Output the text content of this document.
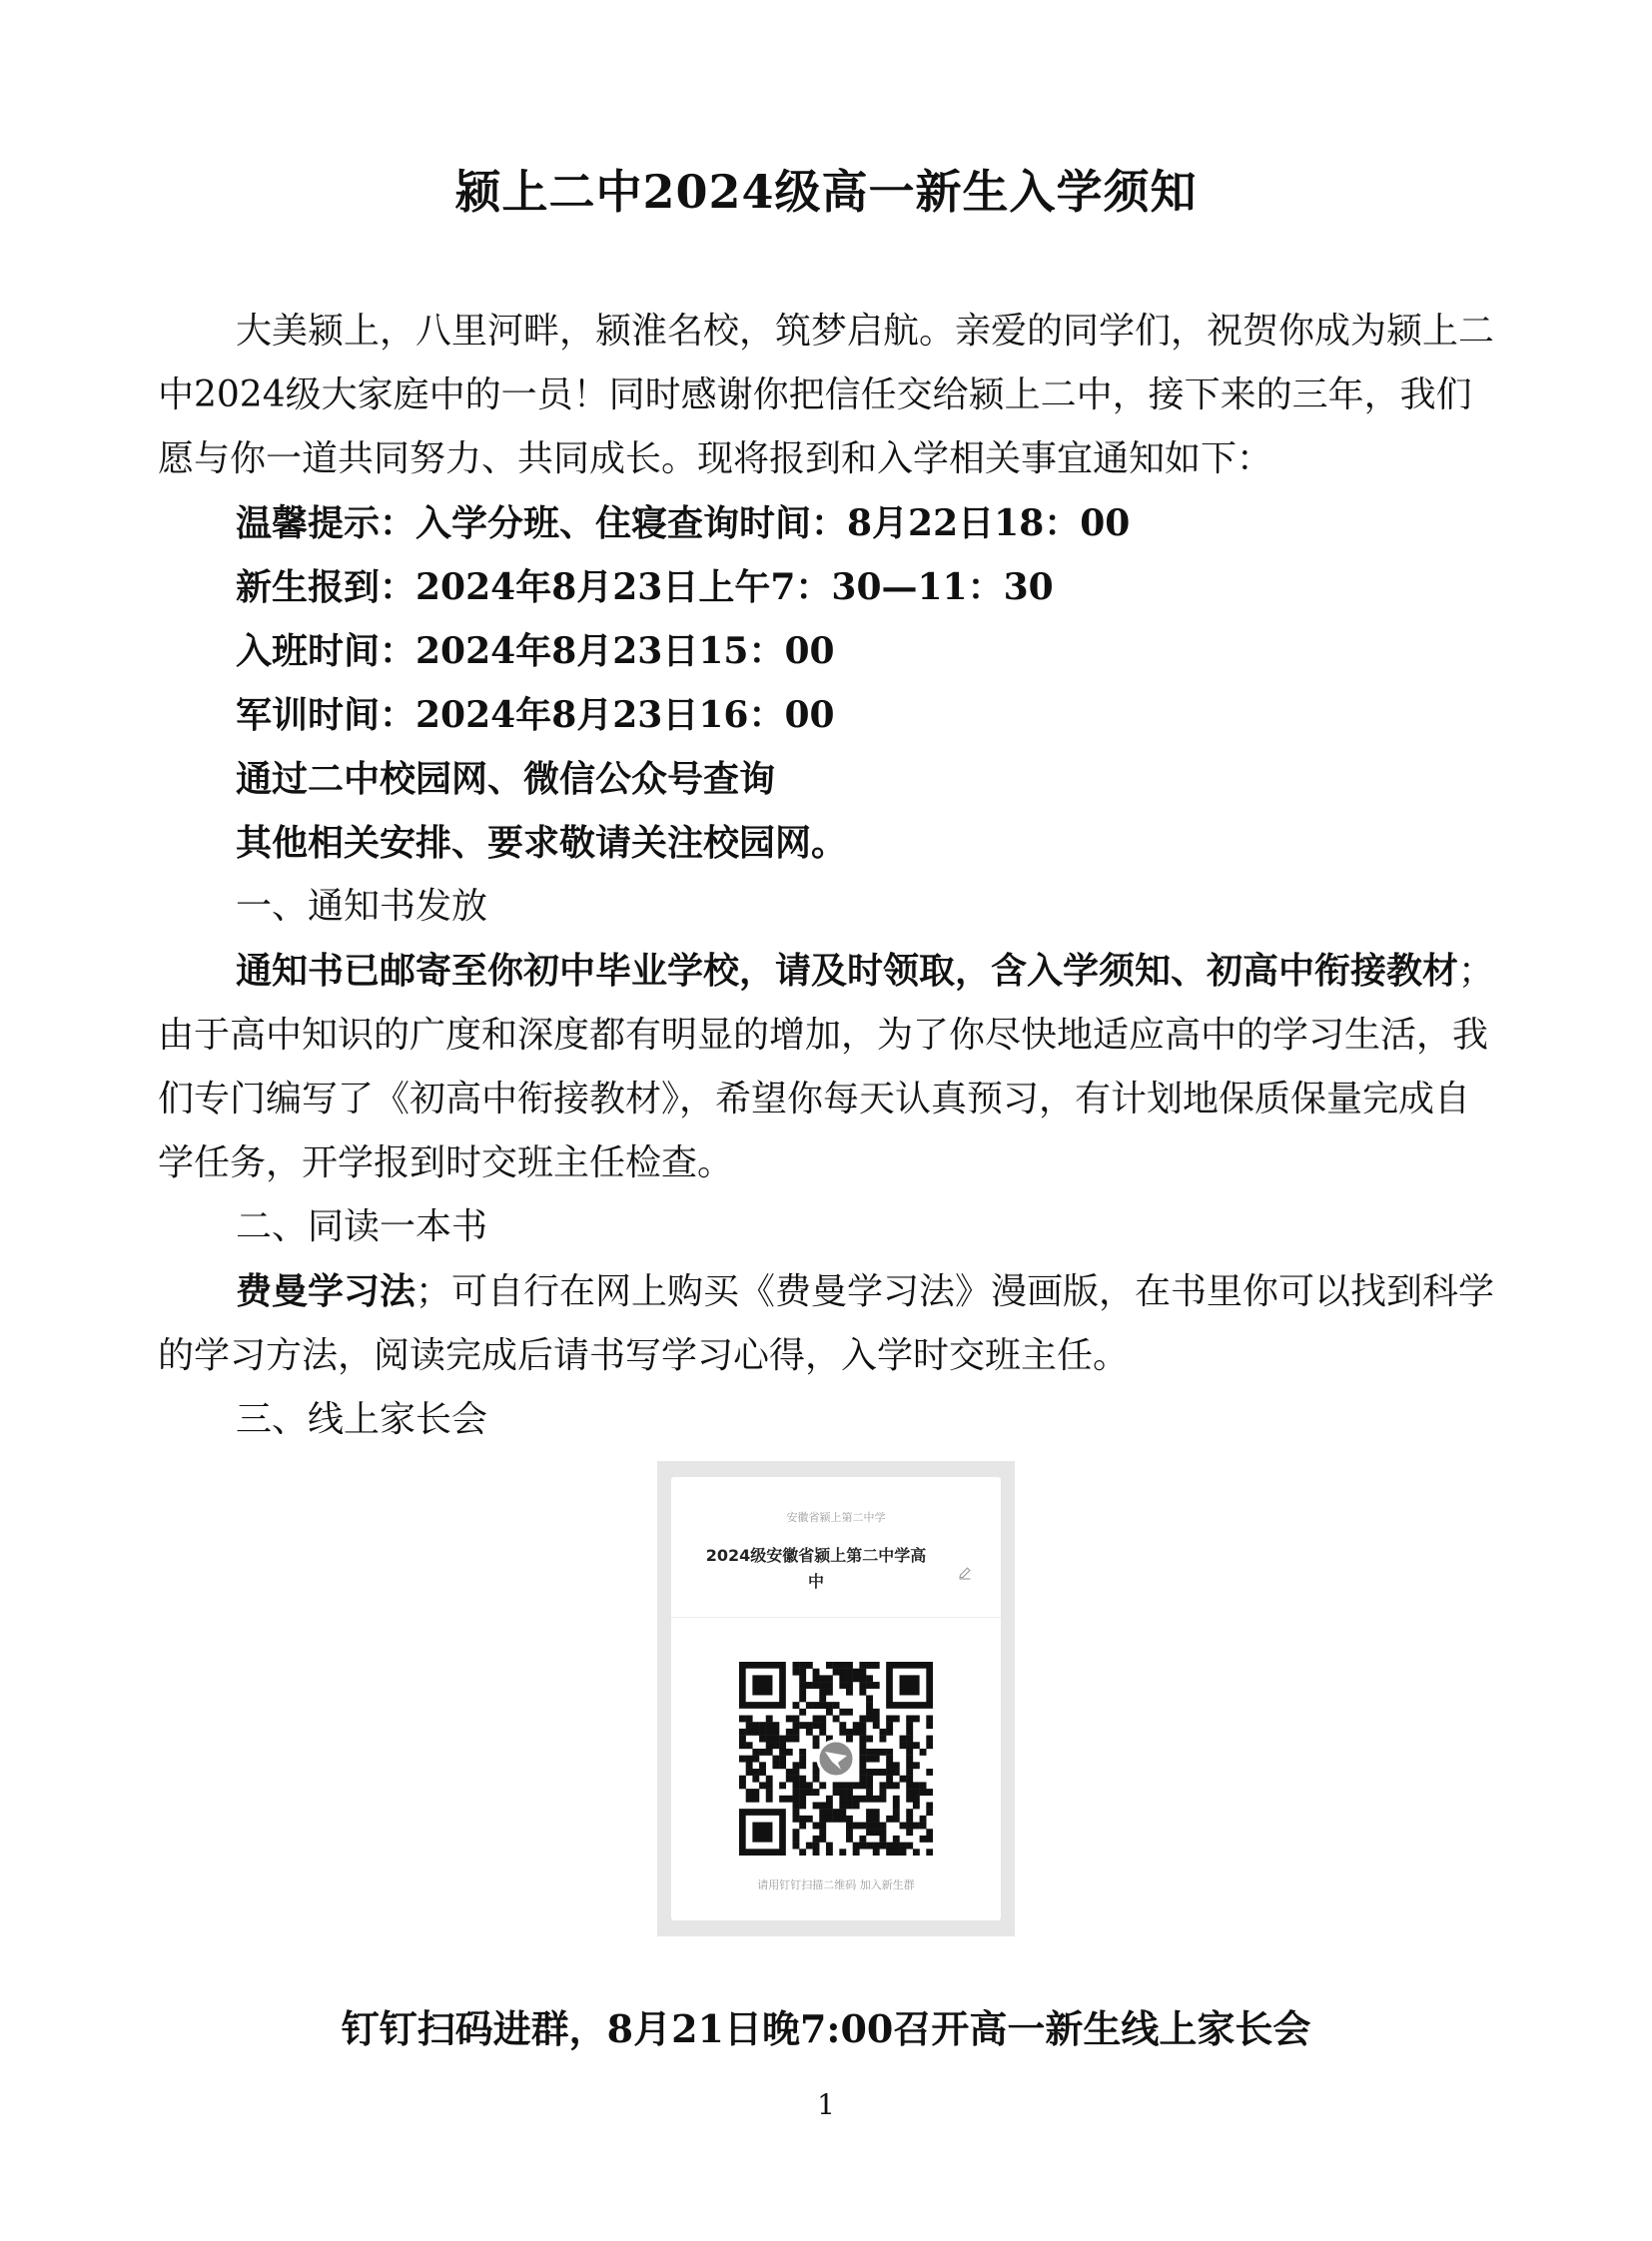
颍上二中2024级高一新生入学须知

大美颍上，八里河畔，颍淮名校，筑梦启航。亲爱的同学们，祝贺你成为颍上二中2024级大家庭中的一员！同时感谢你把信任交给颍上二中，接下来的三年，我们愿与你一道共同努力、共同成长。现将报到和入学相关事宜通知如下：

温馨提示：入学分班、住寝查询时间：8月22日18：00

新生报到：2024年8月23日上午7：30—11：30

入班时间：2024年8月23日15：00

军训时间：2024年8月23日16：00

通过二中校园网、微信公众号查询

其他相关安排、要求敬请关注校园网。

一、通知书发放

通知书已邮寄至你初中毕业学校，请及时领取，含入学须知、初高中衔接教材；由于高中知识的广度和深度都有明显的增加，为了你尽快地适应高中的学习生活，我们专门编写了《初高中衔接教材》，希望你每天认真预习，有计划地保质保量完成自学任务，开学报到时交班主任检查。

二、同读一本书

费曼学习法；可自行在网上购买《费曼学习法》漫画版，在书里你可以找到科学的学习方法，阅读完成后请书写学习心得，入学时交班主任。

三、线上家长会

安徽省颍上第二中学
2024级安徽省颍上第二中学高中
请用钉钉扫描二维码 加入新生群
钉钉扫码进群，8月21日晚7:00召开高一新生线上家长会
1
